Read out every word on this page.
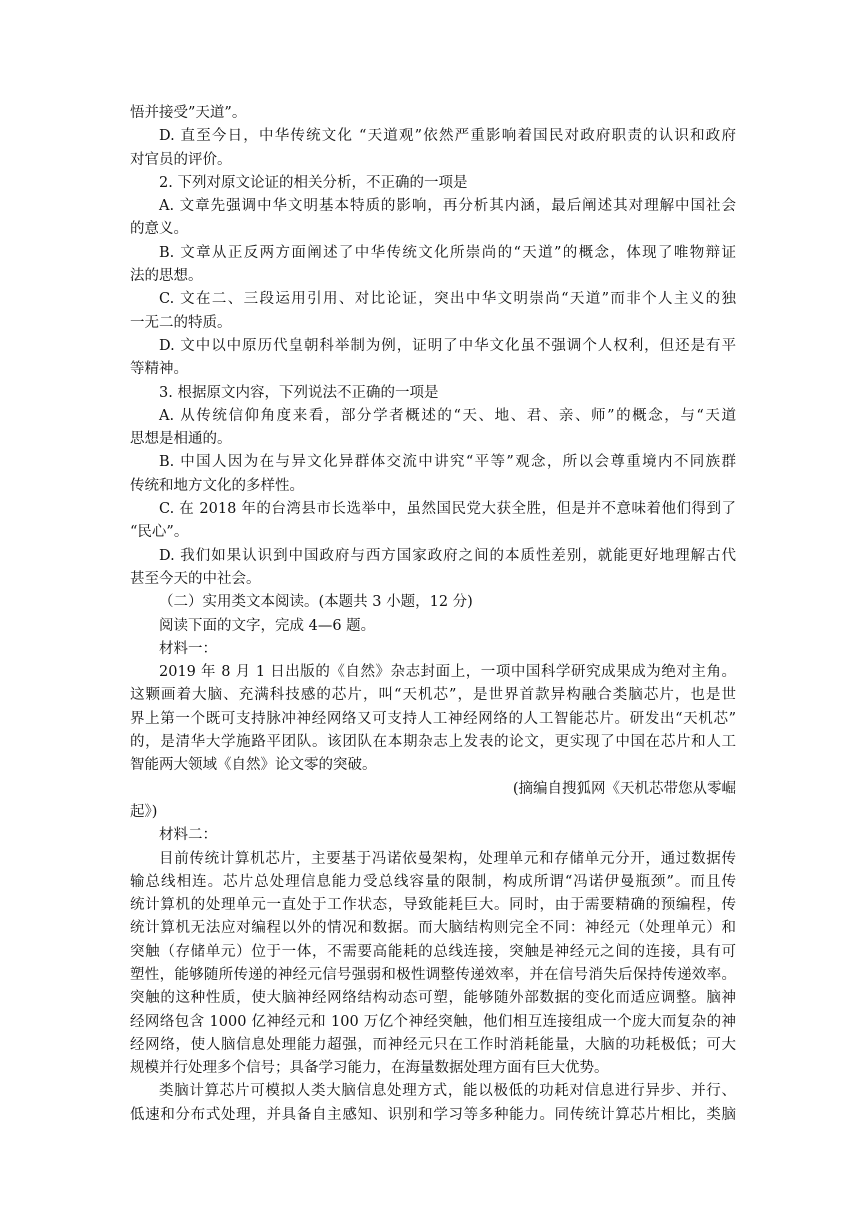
悟并接受”天道”。
D. 直至今日，中华传统文化 “天道观”依然严重影响着国民对政府职责的认识和政府
对官员的评价。
2. 下列对原文论证的相关分析，不正确的一项是
A. 文章先强调中华文明基本特质的影响，再分析其内涵，最后阐述其对理解中国社会
的意义。
B. 文章从正反两方面阐述了中华传统文化所崇尚的“天道”的概念，体现了唯物辩证
法的思想。
C. 文在二、三段运用引用、对比论证，突出中华文明崇尚“天道”而非个人主义的独
一无二的特质。
D. 文中以中原历代皇朝科举制为例，证明了中华文化虽不强调个人权利，但还是有平
等精神。
3. 根据原文内容，下列说法不正确的一项是
A. 从传统信仰角度来看，部分学者概述的“天、地、君、亲、师”的概念，与“天道
思想是相通的。
B. 中国人因为在与异文化异群体交流中讲究“平等”观念，所以会尊重境内不同族群
传统和地方文化的多样性。
C. 在 2018 年的台湾县市长选举中，虽然国民党大获全胜，但是并不意味着他们得到了
“民心”。
D. 我们如果认识到中国政府与西方国家政府之间的本质性差别，就能更好地理解古代
甚至今天的中社会。
（二）实用类文本阅读。(本题共 3 小题，12 分)
阅读下面的文字，完成 4—6 题。
材料一：
2019 年 8 月 1 日出版的《自然》杂志封面上，一项中国科学研究成果成为绝对主角。
这颗画着大脑、充满科技感的芯片，叫“天机芯”，是世界首款异构融合类脑芯片，也是世
界上第一个既可支持脉冲神经网络又可支持人工神经网络的人工智能芯片。研发出“天机芯”
的，是清华大学施路平团队。该团队在本期杂志上发表的论文，更实现了中国在芯片和人工
智能两大领域《自然》论文零的突破。
(摘编自搜狐网《天机芯带您从零崛
起》)
材料二：
目前传统计算机芯片，主要基于冯诺依曼架构，处理单元和存储单元分开，通过数据传
输总线相连。芯片总处理信息能力受总线容量的限制，构成所谓“冯诺伊曼瓶颈”。而且传
统计算机的处理单元一直处于工作状态，导致能耗巨大。同时，由于需要精确的预编程，传
统计算机无法应对编程以外的情况和数据。而大脑结构则完全不同：神经元（处理单元）和
突触（存储单元）位于一体，不需要高能耗的总线连接，突触是神经元之间的连接，具有可
塑性，能够随所传递的神经元信号强弱和极性调整传递效率，并在信号消失后保持传递效率。
突触的这种性质，使大脑神经网络结构动态可塑，能够随外部数据的变化而适应调整。脑神
经网络包含 1000 亿神经元和 100 万亿个神经突触，他们相互连接组成一个庞大而复杂的神
经网络，使人脑信息处理能力超强，而神经元只在工作时消耗能量，大脑的功耗极低；可大
规模并行处理多个信号；具备学习能力，在海量数据处理方面有巨大优势。
类脑计算芯片可模拟人类大脑信息处理方式，能以极低的功耗对信息进行异步、并行、
低速和分布式处理，并具备自主感知、识别和学习等多种能力。同传统计算芯片相比，类脑
